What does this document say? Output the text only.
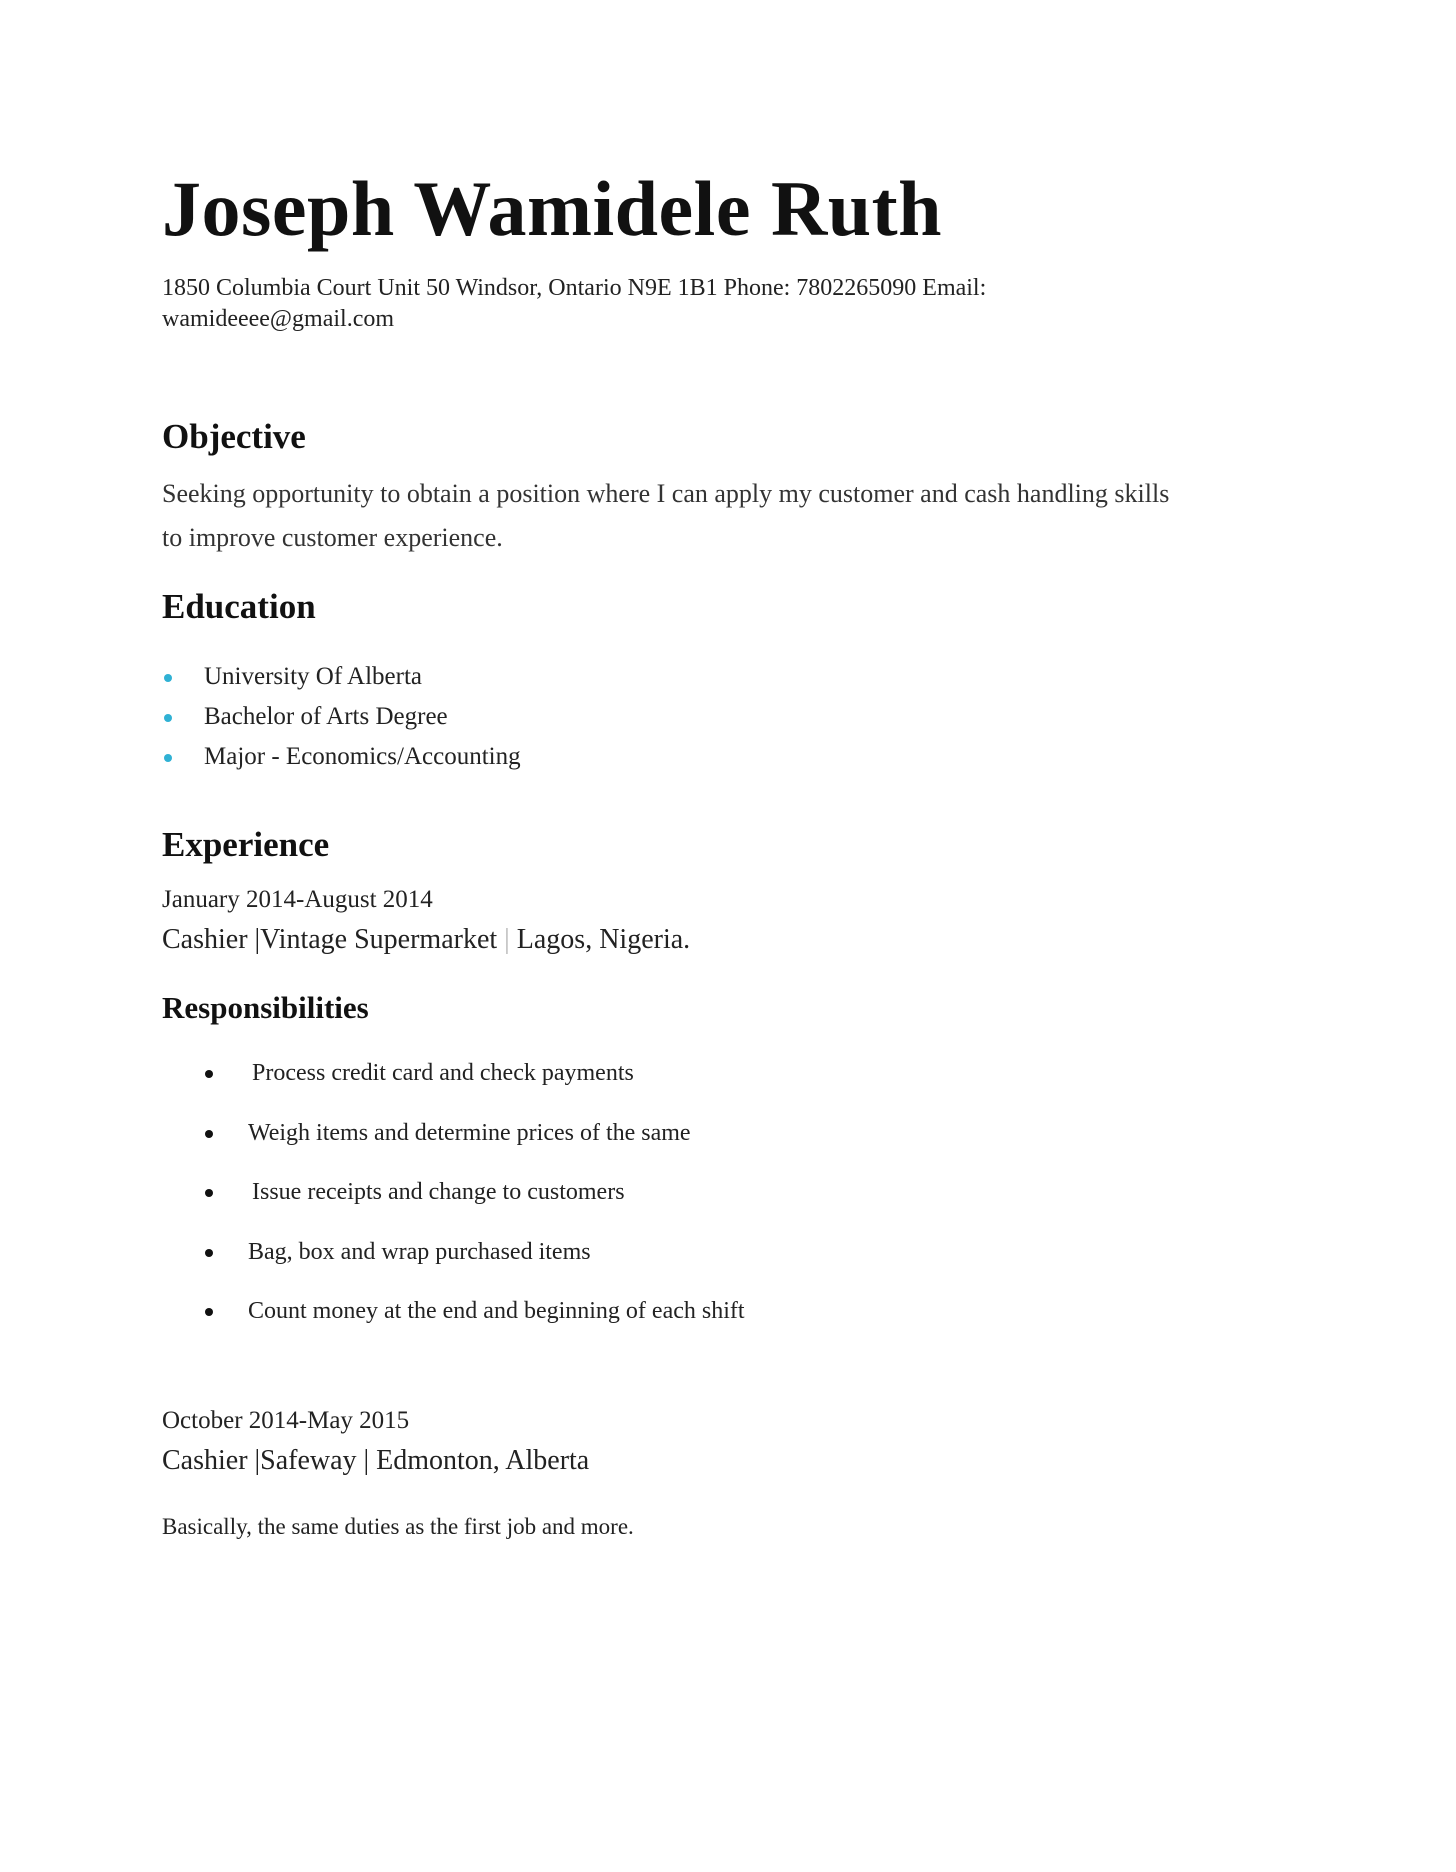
Joseph Wamidele Ruth
1850 Columbia Court Unit 50 Windsor, Ontario N9E 1B1 Phone: 7802265090 Email:
wamideeee@gmail.com
Objective
Seeking opportunity to obtain a position where I can apply my customer and cash handling skills
to improve customer experience.
Education
University Of Alberta
Bachelor of Arts Degree
Major - Economics/Accounting
Experience
January 2014-August 2014
Cashier |Vintage Supermarket | Lagos, Nigeria.
Responsibilities
Process credit card and check payments
Weigh items and determine prices of the same
Issue receipts and change to customers
Bag, box and wrap purchased items
Count money at the end and beginning of each shift
October 2014-May 2015
Cashier |Safeway | Edmonton, Alberta
Basically, the same duties as the first job and more.
